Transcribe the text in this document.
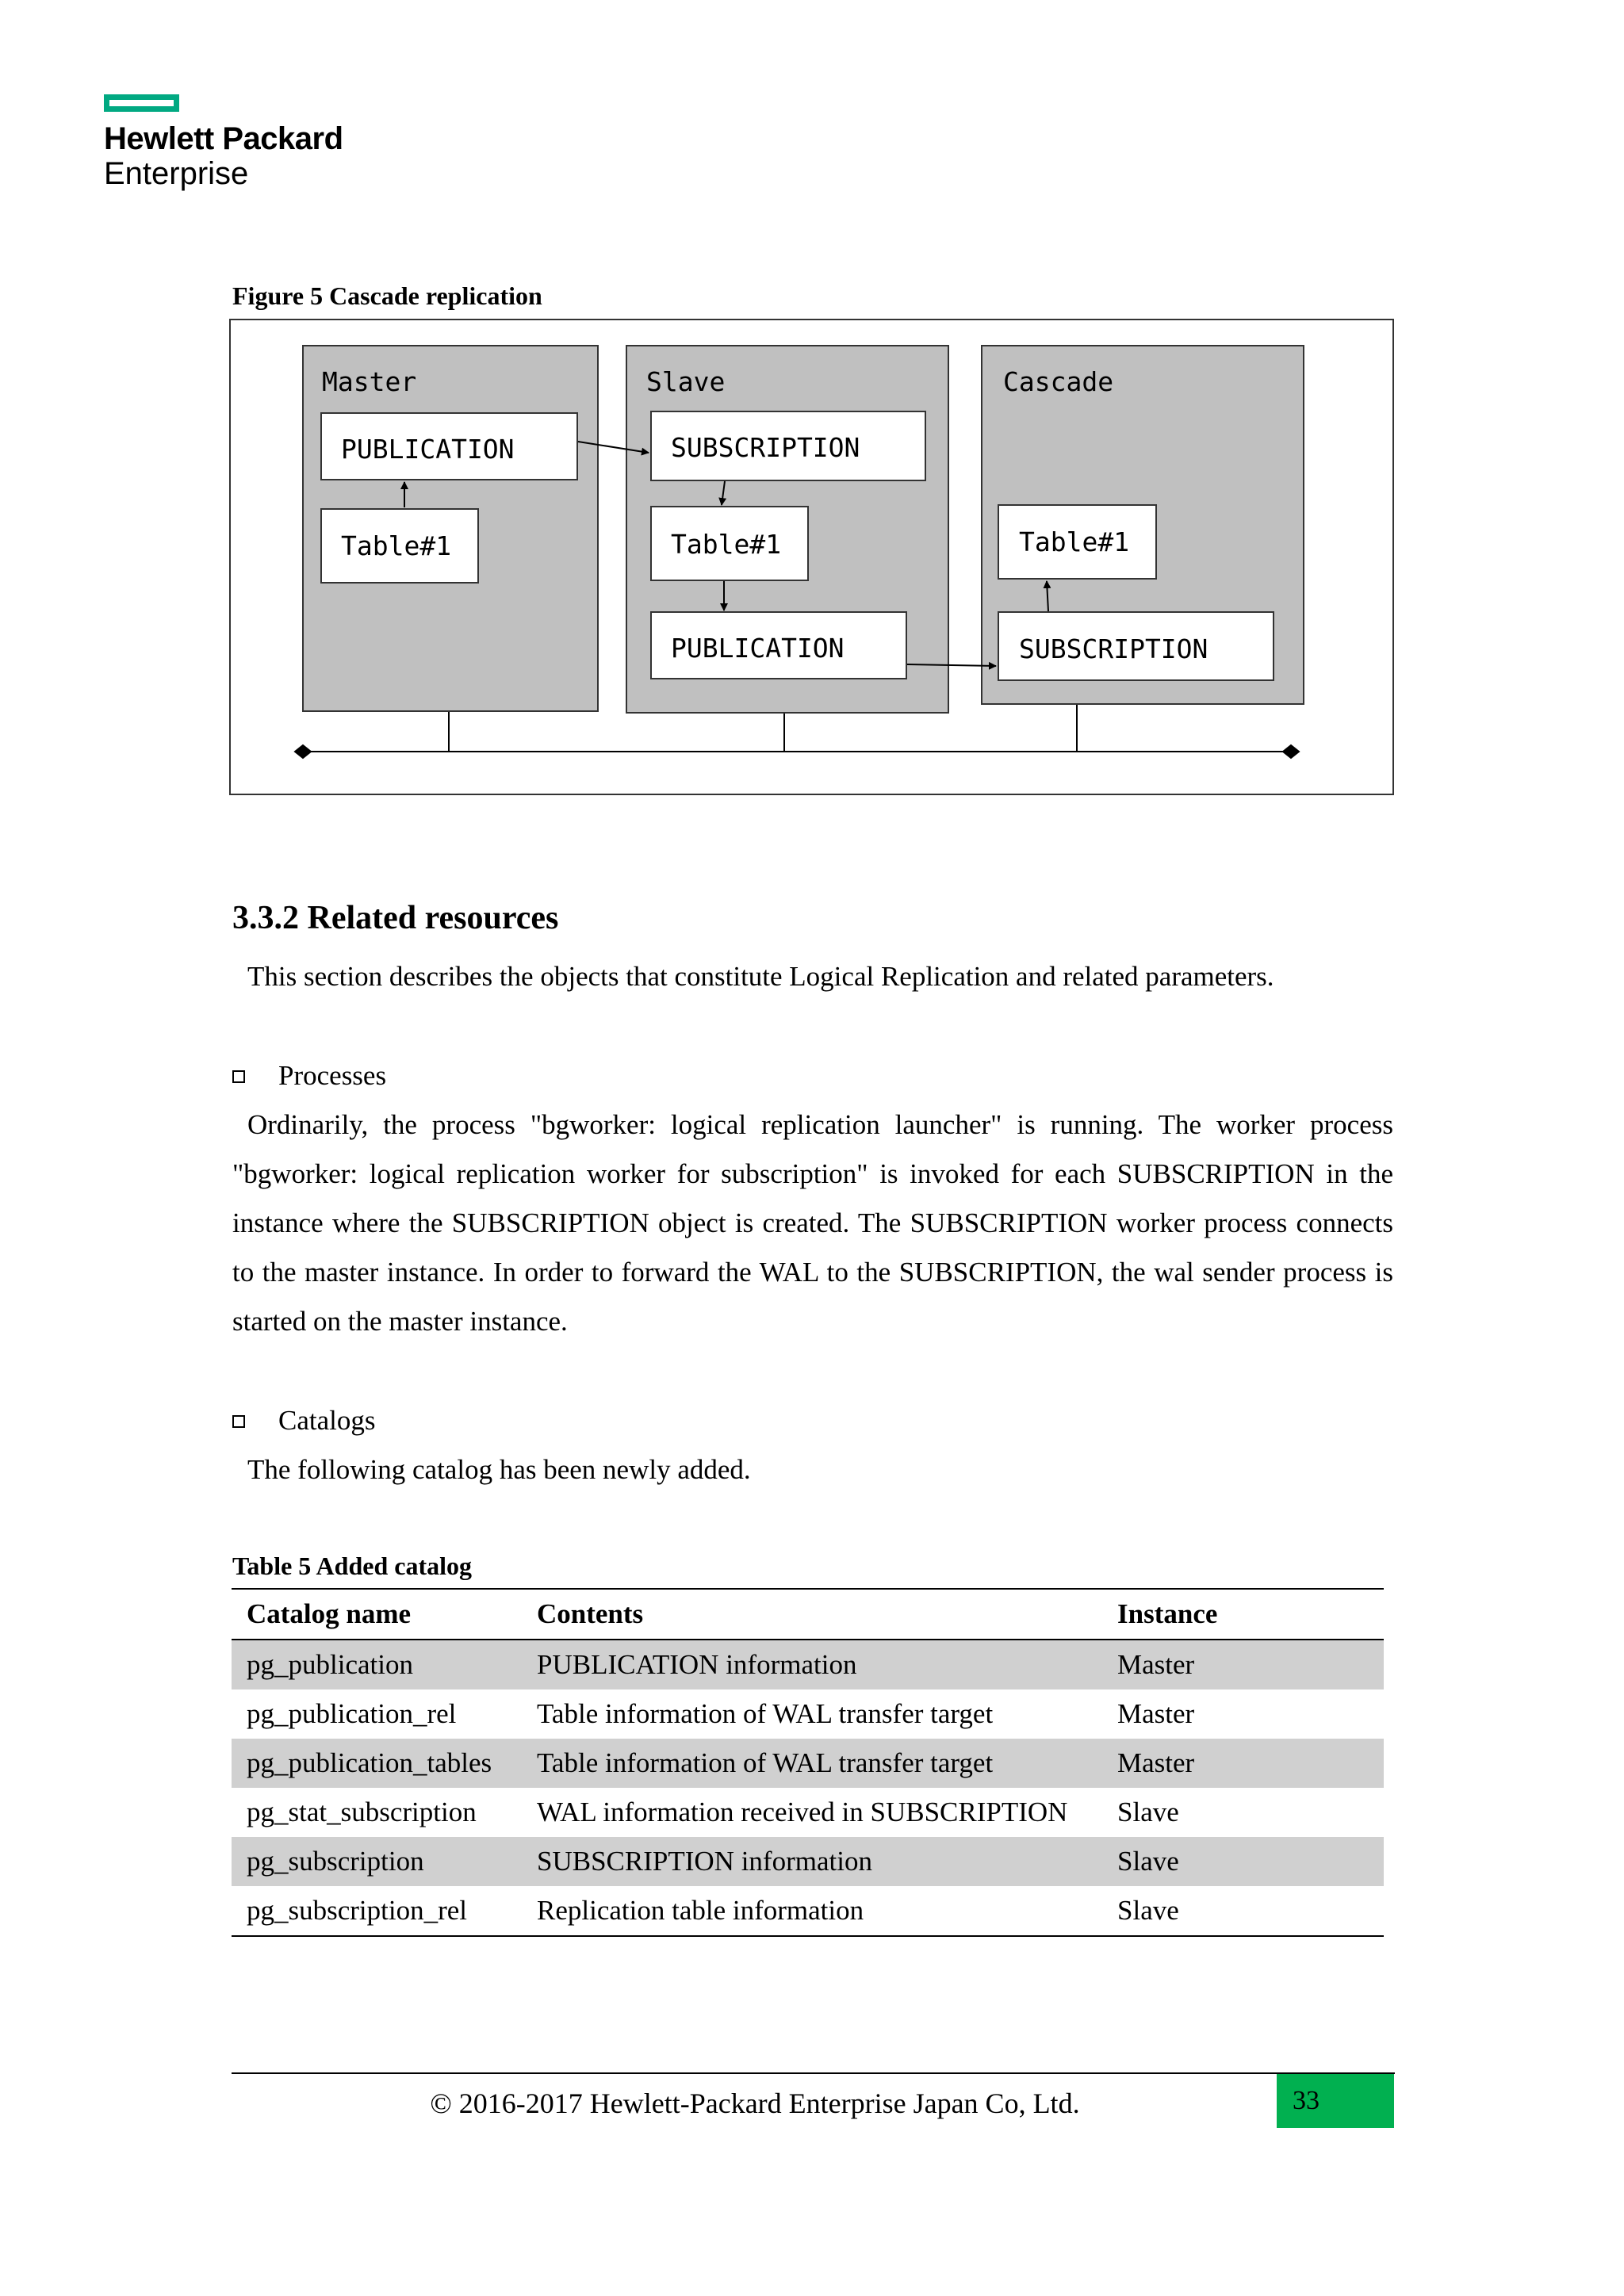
Hewlett Packard
Enterprise
Figure 5 Cascade replication
Master
PUBLICATION
Table#1
Slave
SUBSCRIPTION
Table#1
PUBLICATION
Cascade
Table#1
SUBSCRIPTION
3.3.2 Related resources

This section describes the objects that constitute Logical Replication and related parameters.

Processes

Ordinarily, the process "bgworker: logical replication launcher" is running. The worker process "bgworker: logical replication worker for subscription" is invoked for each SUBSCRIPTION in the instance where the SUBSCRIPTION object is created. The SUBSCRIPTION worker process connects to the master instance. In order to forward the WAL to the SUBSCRIPTION, the wal sender process is started on the master instance.

Catalogs

The following catalog has been newly added.

Table 5 Added catalog
Catalog name	Contents	Instance
pg_publication	PUBLICATION information	Master
pg_publication_rel	Table information of WAL transfer target	Master
pg_publication_tables	Table information of WAL transfer target	Master
pg_stat_subscription	WAL information received in SUBSCRIPTION	Slave
pg_subscription	SUBSCRIPTION information	Slave
pg_subscription_rel	Replication table information	Slave
© 2016-2017 Hewlett-Packard Enterprise Japan Co, Ltd.	33
